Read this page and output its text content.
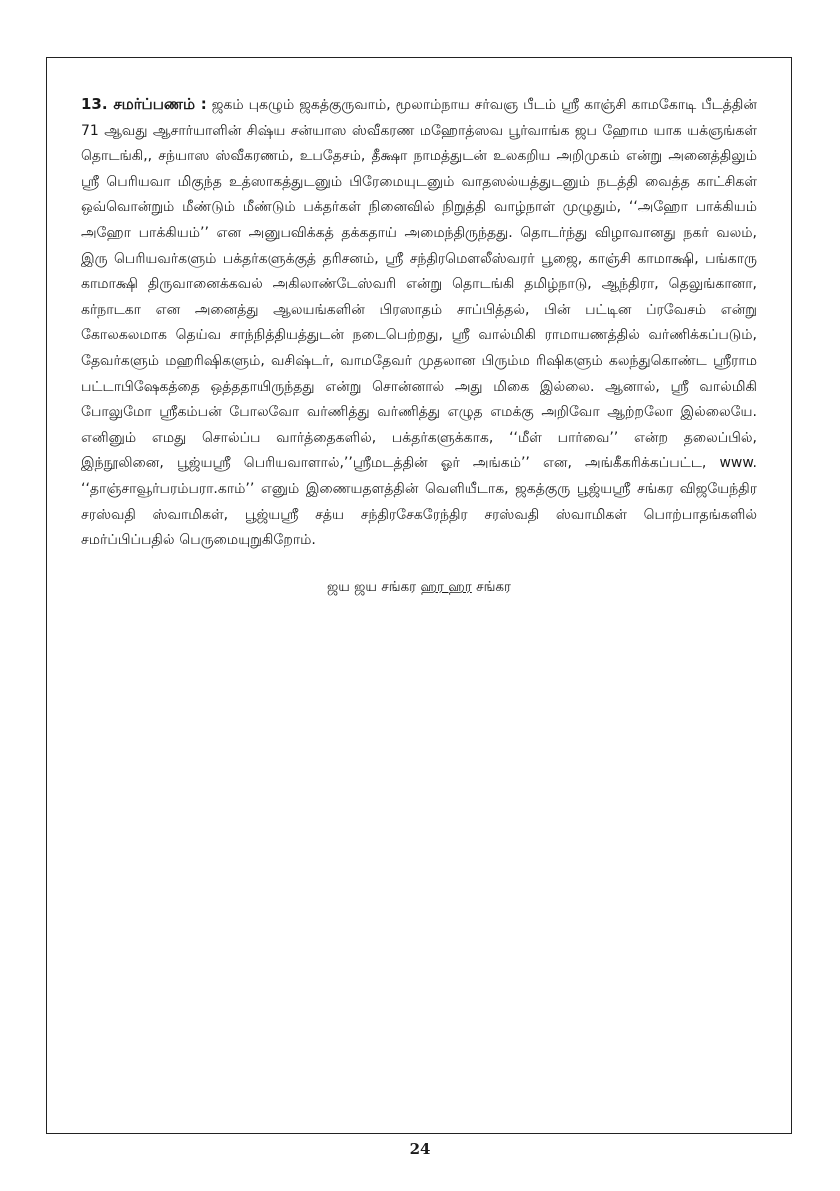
13. சமர்ப்பணம் : ஜகம் புகழும் ஜகத்குருவாம், மூலாம்நாய சர்வஞ பீடம் ஸ்ரீ காஞ்சி காமகோடி பீடத்தின் 71 ஆவது ஆசார்யாளின் சிஷ்ய சன்யாஸ ஸ்வீகரண மஹோத்ஸவ பூர்வாங்க ஜப ஹோம யாக யக்ஞங்கள் தொடங்கி,, சந்யாஸ ஸ்வீகரணம், உபதேசம், தீக்ஷா நாமத்துடன் உலகறிய அறிமுகம் என்று அனைத்திலும் ஸ்ரீ பெரியவா மிகுந்த உத்ஸாகத்துடனும் பிரேமையுடனும் வாதஸல்யத்துடனும் நடத்தி வைத்த காட்சிகள் ஒவ்வொன்றும் மீண்டும் மீண்டும் பக்தர்கள் நினைவில் நிறுத்தி வாழ்நாள் முழுதும், ‘‘அஹோ பாக்கியம் அஹோ பாக்கியம்’’ என அனுபவிக்கத் தக்கதாய் அமைந்திருந்தது. தொடர்ந்து விழாவானது நகர் வலம், இரு பெரியவர்களும் பக்தர்களுக்குத் தரிசனம், ஸ்ரீ சந்திரமௌலீஸ்வரர் பூஜை, காஞ்சி காமாக்ஷி, பங்காரு காமாக்ஷி திருவானைக்கவல் அகிலாண்டேஸ்வரி என்று தொடங்கி தமிழ்நாடு, ஆந்திரா, தெலுங்கானா, கர்நாடகா என அனைத்து ஆலயங்களின் பிரஸாதம் சாப்பித்தல், பின் பட்டின ப்ரவேசம் என்று கோலகலமாக தெய்வ சாந்நித்தியத்துடன் நடைபெற்றது, ஸ்ரீ வால்மிகி ராமாயணத்தில் வர்ணிக்கப்படும், தேவர்களும் மஹரிஷிகளும், வசிஷ்டர், வாமதேவர் முதலான பிரும்ம ரிஷிகளும் கலந்துகொண்ட ஸ்ரீராம பட்டாபிஷேகத்தை ஒத்ததாயிருந்தது என்று சொன்னால் அது மிகை இல்லை. ஆனால், ஸ்ரீ வால்மிகி போலுமோ ஸ்ரீகம்பன் போலவோ வர்ணித்து வர்ணித்து எழுத எமக்கு அறிவோ ஆற்றலோ இல்லையே. எனினும் எமது சொல்ப்ப வார்த்தைகளில், பக்தர்களுக்காக, ‘‘மீள் பார்வை’’ என்ற தலைப்பில், இந்நூலினை, பூஜ்யஸ்ரீ பெரியவாளால்,’’ஸ்ரீமடத்தின் ஓர் அங்கம்’’ என, அங்கீகரிக்கப்பட்ட, www. ‘‘தாஞ்சாவூர்பரம்பரா.காம்’’ எனும் இணையதளத்தின் வெளியீடாக, ஜகத்குரு பூஜ்யஸ்ரீ சங்கர விஜயேந்திர சரஸ்வதி ஸ்வாமிகள், பூஜ்யஸ்ரீ சத்ய சந்திரசேகரேந்திர சரஸ்வதி ஸ்வாமிகள் பொற்பாதங்களில் சமர்ப்பிப்பதில் பெருமையுறுகிறோம்.

ஜய ஜய சங்கர ஹர ஹர சங்கர

24
